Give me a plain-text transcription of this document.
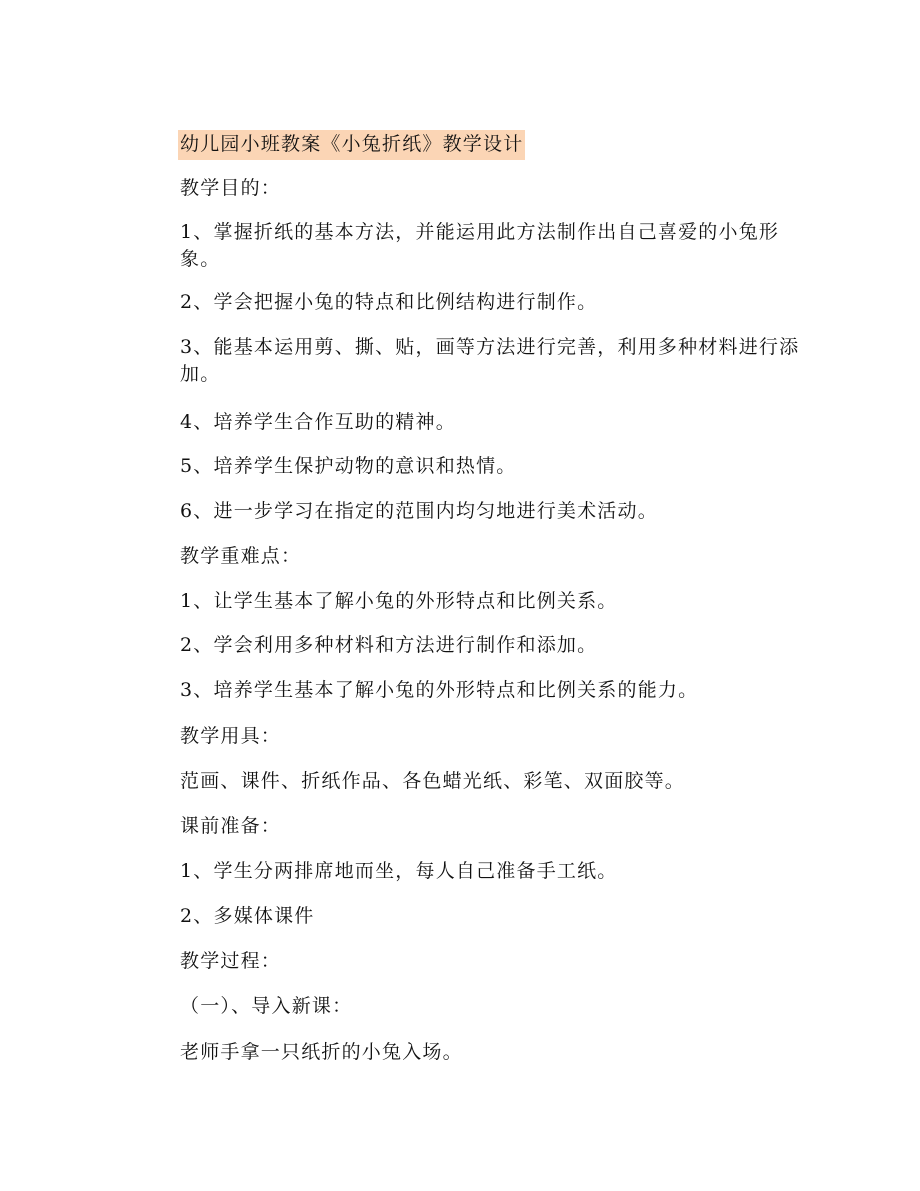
幼儿园小班教案《小兔折纸》教学设计
教学目的：
1、掌握折纸的基本方法，并能运用此方法制作出自己喜爱的小兔形象。
2、学会把握小兔的特点和比例结构进行制作。
3、能基本运用剪、撕、贴，画等方法进行完善，利用多种材料进行添加。
4、培养学生合作互助的精神。
5、培养学生保护动物的意识和热情。
6、进一步学习在指定的范围内均匀地进行美术活动。
教学重难点：
1、让学生基本了解小兔的外形特点和比例关系。
2、学会利用多种材料和方法进行制作和添加。
3、培养学生基本了解小兔的外形特点和比例关系的能力。
教学用具：
范画、课件、折纸作品、各色蜡光纸、彩笔、双面胶等。
课前准备：
1、学生分两排席地而坐，每人自己准备手工纸。
2、多媒体课件
教学过程：
（一）、导入新课：
老师手拿一只纸折的小兔入场。
